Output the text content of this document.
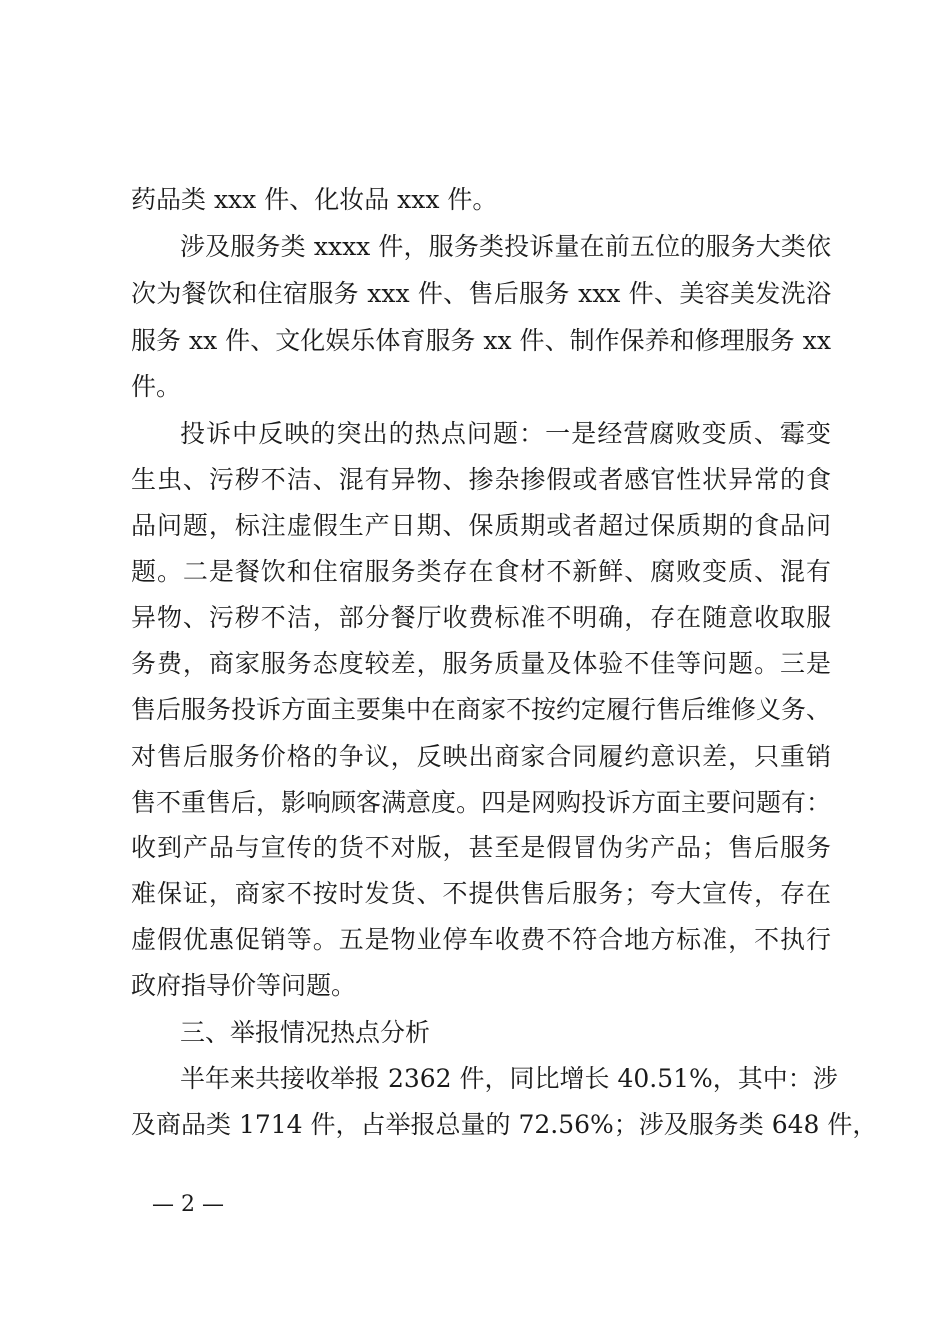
药品类 xxx 件、化妆品 xxx 件。
涉及服务类 xxxx 件，服务类投诉量在前五位的服务大类依
次为餐饮和住宿服务 xxx 件、售后服务 xxx 件、美容美发洗浴
服务 xx 件、文化娱乐体育服务 xx 件、制作保养和修理服务 xx
件。
投诉中反映的突出的热点问题：一是经营腐败变质、霉变
生虫、污秽不洁、混有异物、掺杂掺假或者感官性状异常的食
品问题，标注虚假生产日期、保质期或者超过保质期的食品问
题。二是餐饮和住宿服务类存在食材不新鲜、腐败变质、混有
异物、污秽不洁，部分餐厅收费标准不明确，存在随意收取服
务费，商家服务态度较差，服务质量及体验不佳等问题。三是
售后服务投诉方面主要集中在商家不按约定履行售后维修义务、
对售后服务价格的争议，反映出商家合同履约意识差，只重销
售不重售后，影响顾客满意度。四是网购投诉方面主要问题有：
收到产品与宣传的货不对版，甚至是假冒伪劣产品；售后服务
难保证，商家不按时发货、不提供售后服务；夸大宣传，存在
虚假优惠促销等。五是物业停车收费不符合地方标准，不执行
政府指导价等问题。
三、举报情况热点分析
半年来共接收举报 2362 件，同比增长 40.51%，其中：涉
及商品类 1714 件，占举报总量的 72.56%；涉及服务类 648 件，
— 2 —
